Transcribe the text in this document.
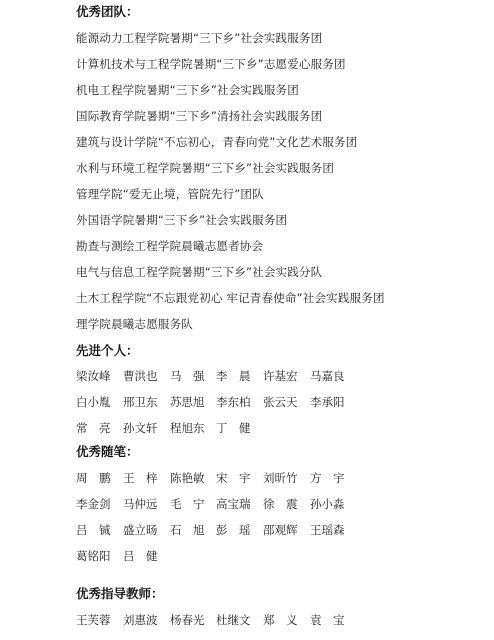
优秀团队：
能源动力工程学院暑期“三下乡”社会实践服务团
计算机技术与工程学院暑期“三下乡”志愿爱心服务团
机电工程学院暑期“三下乡”社会实践服务团
国际教育学院暑期“三下乡”清扬社会实践服务团
建筑与设计学院“不忘初心，青春向党”文化艺术服务团
水利与环境工程学院暑期“三下乡”社会实践服务团
管理学院“爱无止境，管院先行”团队
外国语学院暑期“三下乡”社会实践服务团
勘查与测绘工程学院晨曦志愿者协会
电气与信息工程学院暑期“三下乡”社会实践分队
土木工程学院“不忘跟党初心 牢记青春使命”社会实践服务团
理学院晨曦志愿服务队
先进个人：
梁汝峰 曹洪也 马　强 李　晨 许基宏 马嘉良
白小胤 邢卫东 苏思旭 李东柏 张云天 李承阳
常　亮 孙文轩 程旭东 丁　健
优秀随笔：
周　鹏 王　梓 陈艳敏 宋　宇 刘昕竹 方　宇
李金剑 马仲远 毛　宁 高宝瑞 徐　震 孙小淼
吕　铖 盛立旸 石　旭 彭　瑶 邵观辉 王瑶森
葛铭阳 吕　健
优秀指导教师：
王芙蓉 刘惠波 杨春光 杜继文 郑　义 袁　宝
